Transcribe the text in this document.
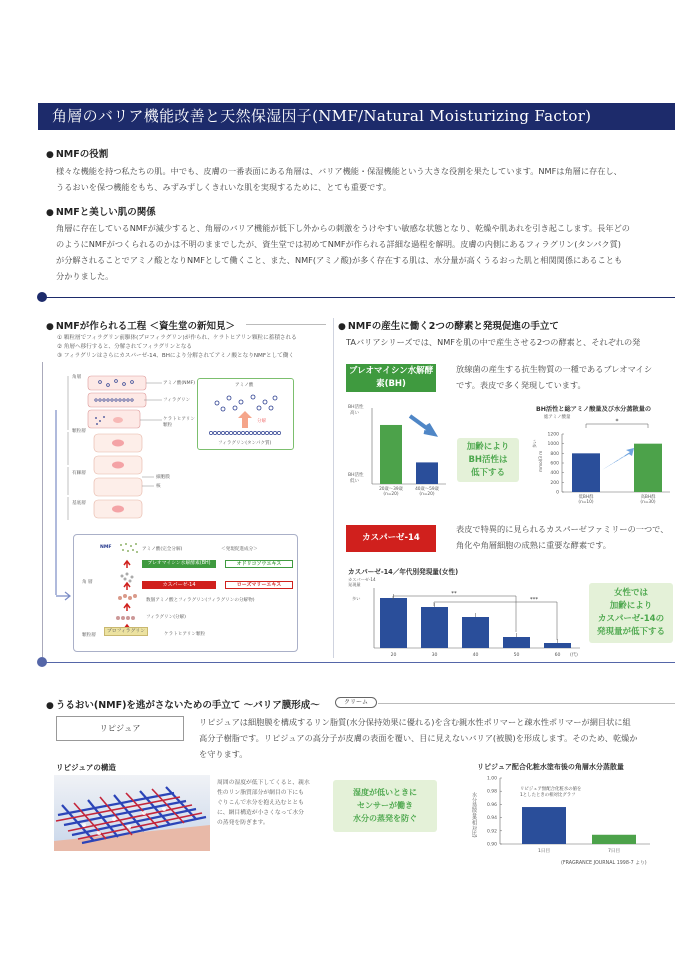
角層のバリア機能改善と天然保湿因子(NMF/Natural Moisturizing Factor)
● NMFの役割
様々な機能を持つ私たちの肌。中でも、皮膚の一番表面にある角層は、バリア機能・保湿機能という大きな役割を果たしています。NMFは角層に存在し、
うるおいを保つ機能をもち、みずみずしくきれいな肌を実現するために、とても重要です。
● NMFと美しい肌の関係
角層に存在しているNMFが減少すると、角層のバリア機能が低下し外からの刺激をうけやすい敏感な状態となり、乾燥や肌あれを引き起こします。長年どの
のようにNMFがつくられるのかは不明のままでしたが、資生堂では初めてNMFが作られる詳細な過程を解明。皮膚の内側にあるフィラグリン(タンパク質)
が分解されることでアミノ酸となりNMFとして働くこと、また、NMF(アミノ酸)が多く存在する肌は、水分量が高くうるおった肌と相関関係にあることも
分かりました。
● NMFが作られる工程 ＜資生堂の新知見＞
① 顆粒層でフィラグリン前駆体(プロフィラグリン)が作られ、ケラトヒアリン顆粒に蓄積される
② 角層へ移行すると、分解されてフィラグリンとなる
③ フィラグリンはさらにカスパーゼ-14、BHにより分解されてアミノ酸となりNMFとして働く
角層
顆粒層
有棘層
基底層
アミノ酸(NMF)
フィラグリン
ケラトヒアリン顆粒
細胞膜
核
アミノ酸
分解
フィラグリン(タンパク質)
NMF	アミノ酸(完全分解)	＜発現促進成分＞
ブレオマイシン水解酵素(BH)	オドリコソウエキス
カスパーゼ-14	ローズマリーエキス
数個アミノ酸とフィラグリン(フィラグリンの分解物)
フィラグリン(分解)
プロフィラグリン
ケラトヒアリン顆粒
角 層
顆粒層
● NMFの産生に働く2つの酵素と発現促進の手立て
TAバリアシリーズでは、NMFを肌の中で産生させる2つの酵素と、それぞれの発
ブレオマイシン水解酵素(BH)
放線菌の産生する抗生物質の一種であるブレオマイシ
です。表皮で多く発現しています。
BH活性
高い
BH活性
低い
20歳〜39歳
(n=20)
40歳〜59歳
(n=20)
加齢により
BH活性は
低下する
BH活性と総アミノ酸量及び水分蒸散量の
総アミノ酸量
多い
mmol/3 m
0
200
400
600
800
1000
1200
低BH群
(n=10)
高BH群
(n=30)
*
有意に増加
カスパーゼ-14
表皮で特異的に見られるカスパーゼファミリーの一つで、
角化や角層細胞の成熟に重要な酵素です。
カスパーゼ-14／年代別発現量(女性)
カスパーゼ-14
発現量
多い
20	30	40	50	60 (代)
**
***
女性では
加齢により
カスパーゼ-14の
発現量が低下する
● うるおい(NMF)を逃がさないための手立て 〜バリア膜形成〜	クリーム
リピジュア
リピジュアは細胞膜を構成するリン脂質(水分保持効果に優れる)を含む親水性ポリマーと疎水性ポリマーが網目状に組
高分子樹脂です。リピジュアの高分子が皮膚の表面を覆い、目に見えないバリア(被膜)を形成します。そのため、乾燥か
を守ります。
リピジュアの構造
周囲の湿度が低下してくると、親水
性のリン脂質部分が網目の下にも
ぐりこんで水分を抱え込むととも
に、網目構造が小さくなって水分
の蒸発を防ぎます。
湿度が低いときに
センサーが働き
水分の蒸発を防ぐ
リピジュア配合化粧水塗布後の角層水分蒸散量
水分蒸散量(相対比)
0.90
0.92
0.94
0.96
0.98
1.00
1日目	7日目
リピジュア無配合化粧水の値を
1としたときの相対比グラフ
(FRAGRANCE JOURNAL 1998-7 より)
